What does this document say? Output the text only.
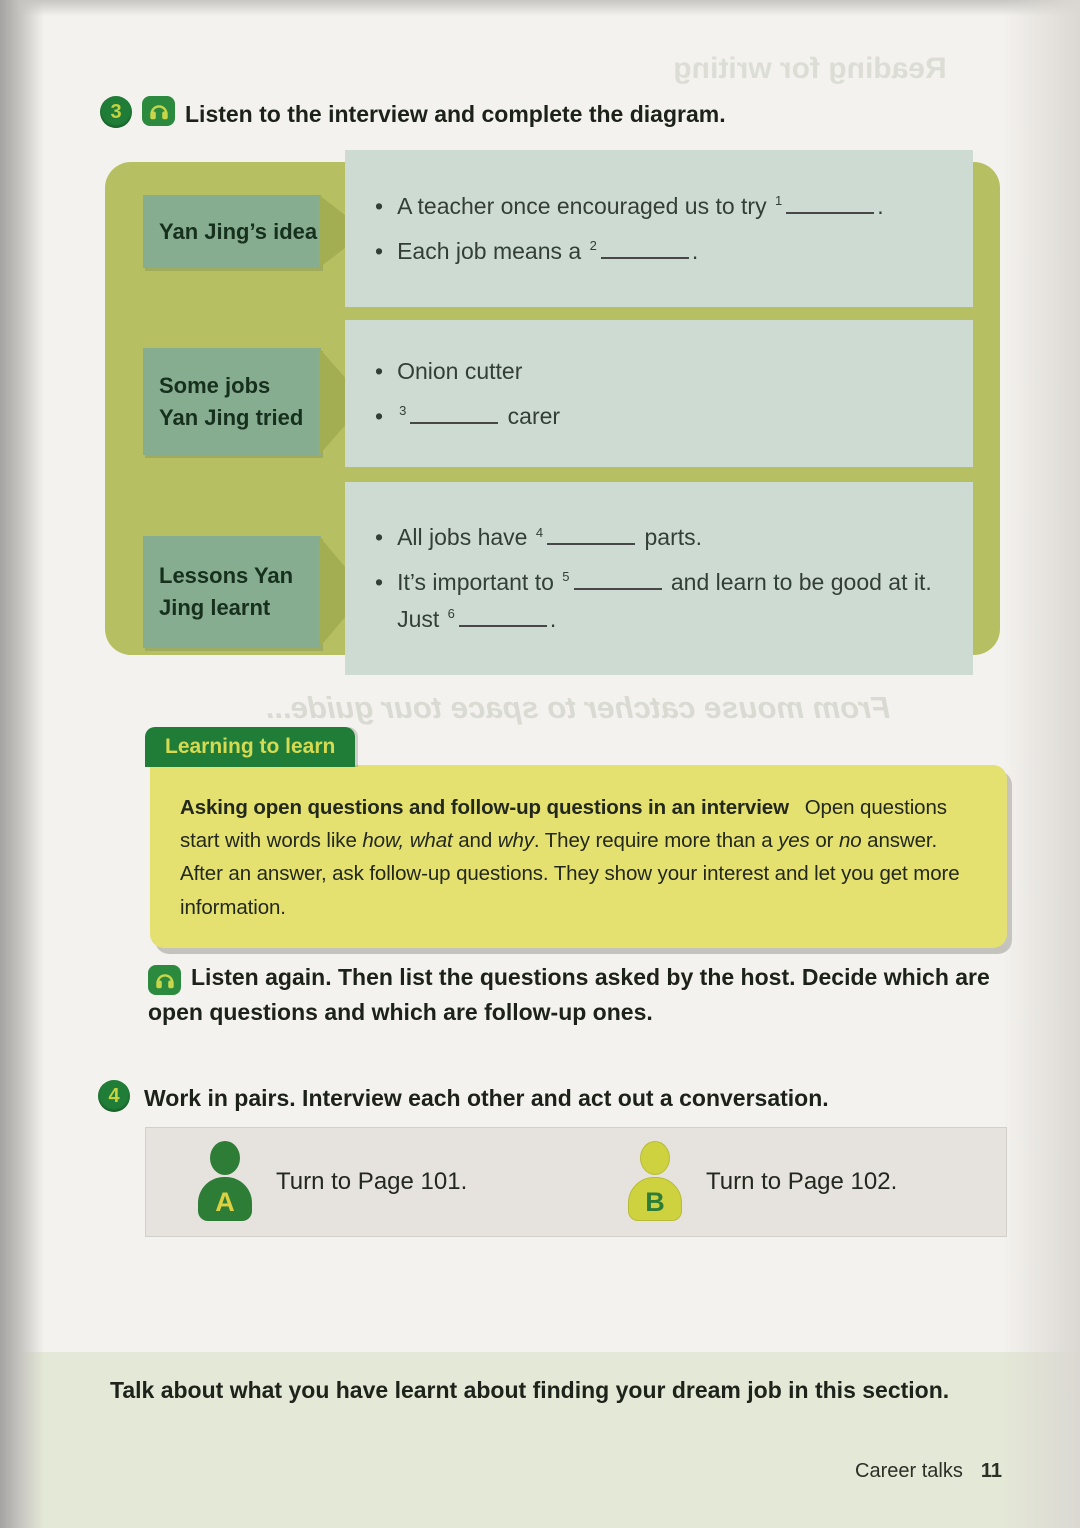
Reading for writing
From mouse catcher to space tour guide...
3	Listen to the interview and complete the diagram.
Yan Jing’s idea
• A teacher once encouraged us to try $^1$	.
• Each job means a $^2$	.
Some jobs
Yan Jing tried
• Onion cutter
• $^3$	carer
Lessons Yan
Jing learnt
• All jobs have $^4$	parts.
• It’s important to $^5$	and learn to be good at it.
Just $^6$	.
Learning to learn
Asking open questions and follow-up questions in an interview  Open questions start with words like how, what and why. They require more than a yes or no answer. After an answer, ask follow-up questions. They show your interest and let you get more information.
Listen again. Then list the questions asked by the host. Decide which are open questions and which are follow-up ones.
4	Work in pairs. Interview each other and act out a conversation.
A
Turn to Page 101.
B
Turn to Page 102.
Talk about what you have learnt about finding your dream job in this section.
Career talks 11
